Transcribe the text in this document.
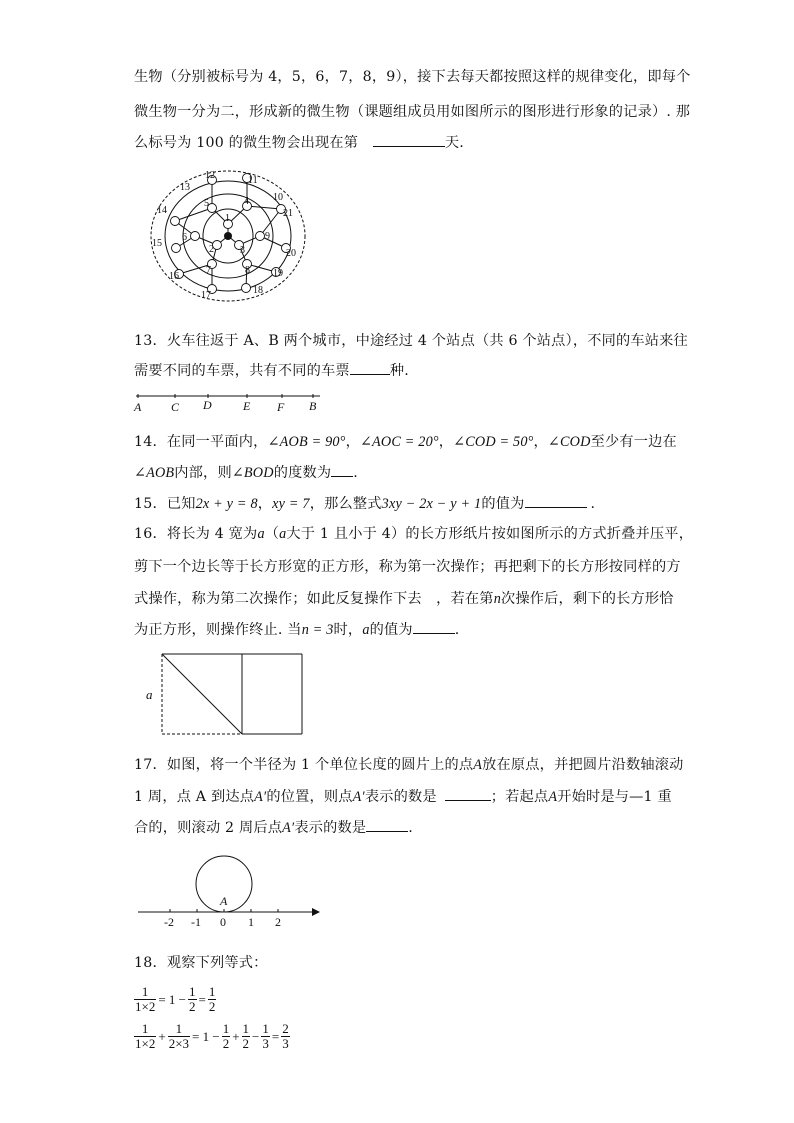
生物（分别被标号为 4，5，6，7，8，9），接下去每天都按照这样的规律变化，即每个
微生物一分为二，形成新的微生物（课题组成员用如图所示的图形进行形象的记录）. 那
么标号为 100 的微生物会出现在第	天.
1
2	3
4
5
6
7	8
9
10
11
12
13
14
15
16
17	18
19
20
21
13．火车往返于 A、B 两个城市，中途经过 4 个站点（共 6 个站点），不同的车站来往
需要不同的车票，共有不同的车票	种.
A C D	E F B
14．在同一平面内，∠AOB = 90°，∠AOC = 20°，∠COD = 50°，∠COD至少有一边在
∠AOB内部，则∠BOD的度数为 .
15．已知2x + y = 8，xy = 7，那么整式3xy − 2x − y + 1的值为	.
16．将长为 4 宽为a（a大于 1 且小于 4）的长方形纸片按如图所示的方式折叠并压平，
剪下一个边长等于长方形宽的正方形，称为第一次操作；再把剩下的长方形按同样的方
式操作，称为第二次操作；如此反复操作下去　，若在第n次操作后，剩下的长方形恰
为正方形，则操作终止. 当n = 3时，a的值为	.
a
17．如图，将一个半径为 1 个单位长度的圆片上的点A放在原点，并把圆片沿数轴滚动
1 周，点 A 到达点A′的位置，则点A′表示的数是	；若起点A开始时是与—1 重
合的，则滚动 2 周后点A′表示的数是	.
A
-2 -1 0 1 2
18．观察下列等式：
$\frac{1}{1\times 2} = 1 - \frac{1}{2} = \frac{1}{2}$
$\frac{1}{1\times 2} + \frac{1}{2\times 3} = 1 - \frac{1}{2} + \frac{1}{2} - \frac{1}{3} = \frac{2}{3}$
